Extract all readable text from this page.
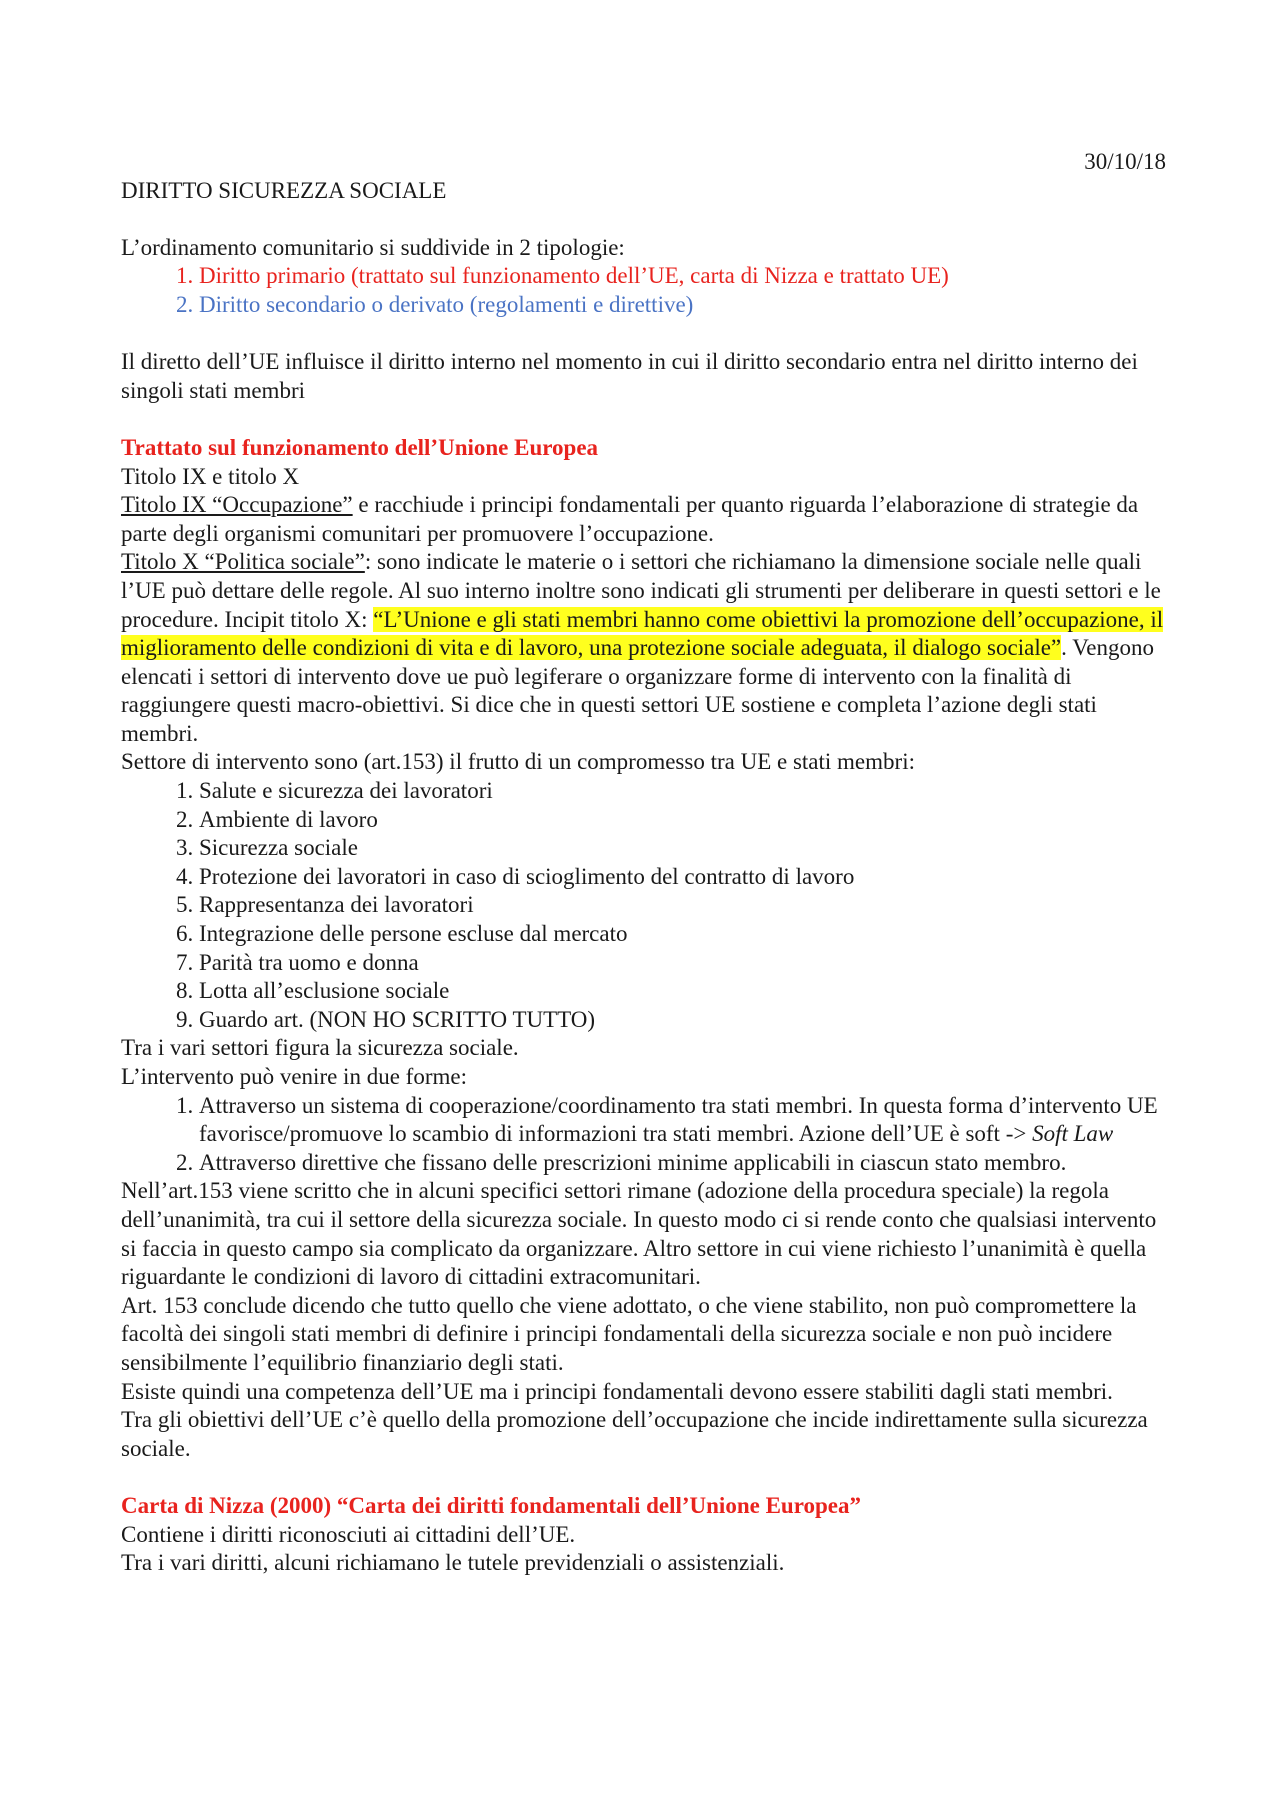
30/10/18

DIRITTO SICUREZZA SOCIALE

L’ordinamento comunitario si suddivide in 2 tipologie:

1. Diritto primario (trattato sul funzionamento dell’UE, carta di Nizza e trattato UE)
2. Diritto secondario o derivato (regolamenti e direttive)

Il diretto dell’UE influisce il diritto interno nel momento in cui il diritto secondario entra nel diritto interno dei singoli stati membri

Trattato sul funzionamento dell’Unione Europea

Titolo IX e titolo X

Titolo IX “Occupazione” e racchiude i principi fondamentali per quanto riguarda l’elaborazione di strategie da parte degli organismi comunitari per promuovere l’occupazione.

Titolo X “Politica sociale”: sono indicate le materie o i settori che richiamano la dimensione sociale nelle quali l’UE può dettare delle regole. Al suo interno inoltre sono indicati gli strumenti per deliberare in questi settori e le procedure. Incipit titolo X: “L’Unione e gli stati membri hanno come obiettivi la promozione dell’occupazione, il miglioramento delle condizioni di vita e di lavoro, una protezione sociale adeguata, il dialogo sociale”. Vengono elencati i settori di intervento dove ue può legiferare o organizzare forme di intervento con la finalità di raggiungere questi macro-obiettivi. Si dice che in questi settori UE sostiene e completa l’azione degli stati membri.

Settore di intervento sono (art.153) il frutto di un compromesso tra UE e stati membri:

1. Salute e sicurezza dei lavoratori
2. Ambiente di lavoro
3. Sicurezza sociale
4. Protezione dei lavoratori in caso di scioglimento del contratto di lavoro
5. Rappresentanza dei lavoratori
6. Integrazione delle persone escluse dal mercato
7. Parità tra uomo e donna
8. Lotta all’esclusione sociale
9. Guardo art. (NON HO SCRITTO TUTTO)

Tra i vari settori figura la sicurezza sociale.

L’intervento può venire in due forme:

1. Attraverso un sistema di cooperazione/coordinamento tra stati membri. In questa forma d’intervento UE favorisce/promuove lo scambio di informazioni tra stati membri. Azione dell’UE è soft -> Soft Law
2. Attraverso direttive che fissano delle prescrizioni minime applicabili in ciascun stato membro.

Nell’art.153 viene scritto che in alcuni specifici settori rimane (adozione della procedura speciale) la regola dell’unanimità, tra cui il settore della sicurezza sociale. In questo modo ci si rende conto che qualsiasi intervento si faccia in questo campo sia complicato da organizzare. Altro settore in cui viene richiesto l’unanimità è quella riguardante le condizioni di lavoro di cittadini extracomunitari.

Art. 153 conclude dicendo che tutto quello che viene adottato, o che viene stabilito, non può compromettere la facoltà dei singoli stati membri di definire i principi fondamentali della sicurezza sociale e non può incidere sensibilmente l’equilibrio finanziario degli stati.

Esiste quindi una competenza dell’UE ma i principi fondamentali devono essere stabiliti dagli stati membri.

Tra gli obiettivi dell’UE c’è quello della promozione dell’occupazione che incide indirettamente sulla sicurezza sociale.

Carta di Nizza (2000) “Carta dei diritti fondamentali dell’Unione Europea”

Contiene i diritti riconosciuti ai cittadini dell’UE.

Tra i vari diritti, alcuni richiamano le tutele previdenziali o assistenziali.
